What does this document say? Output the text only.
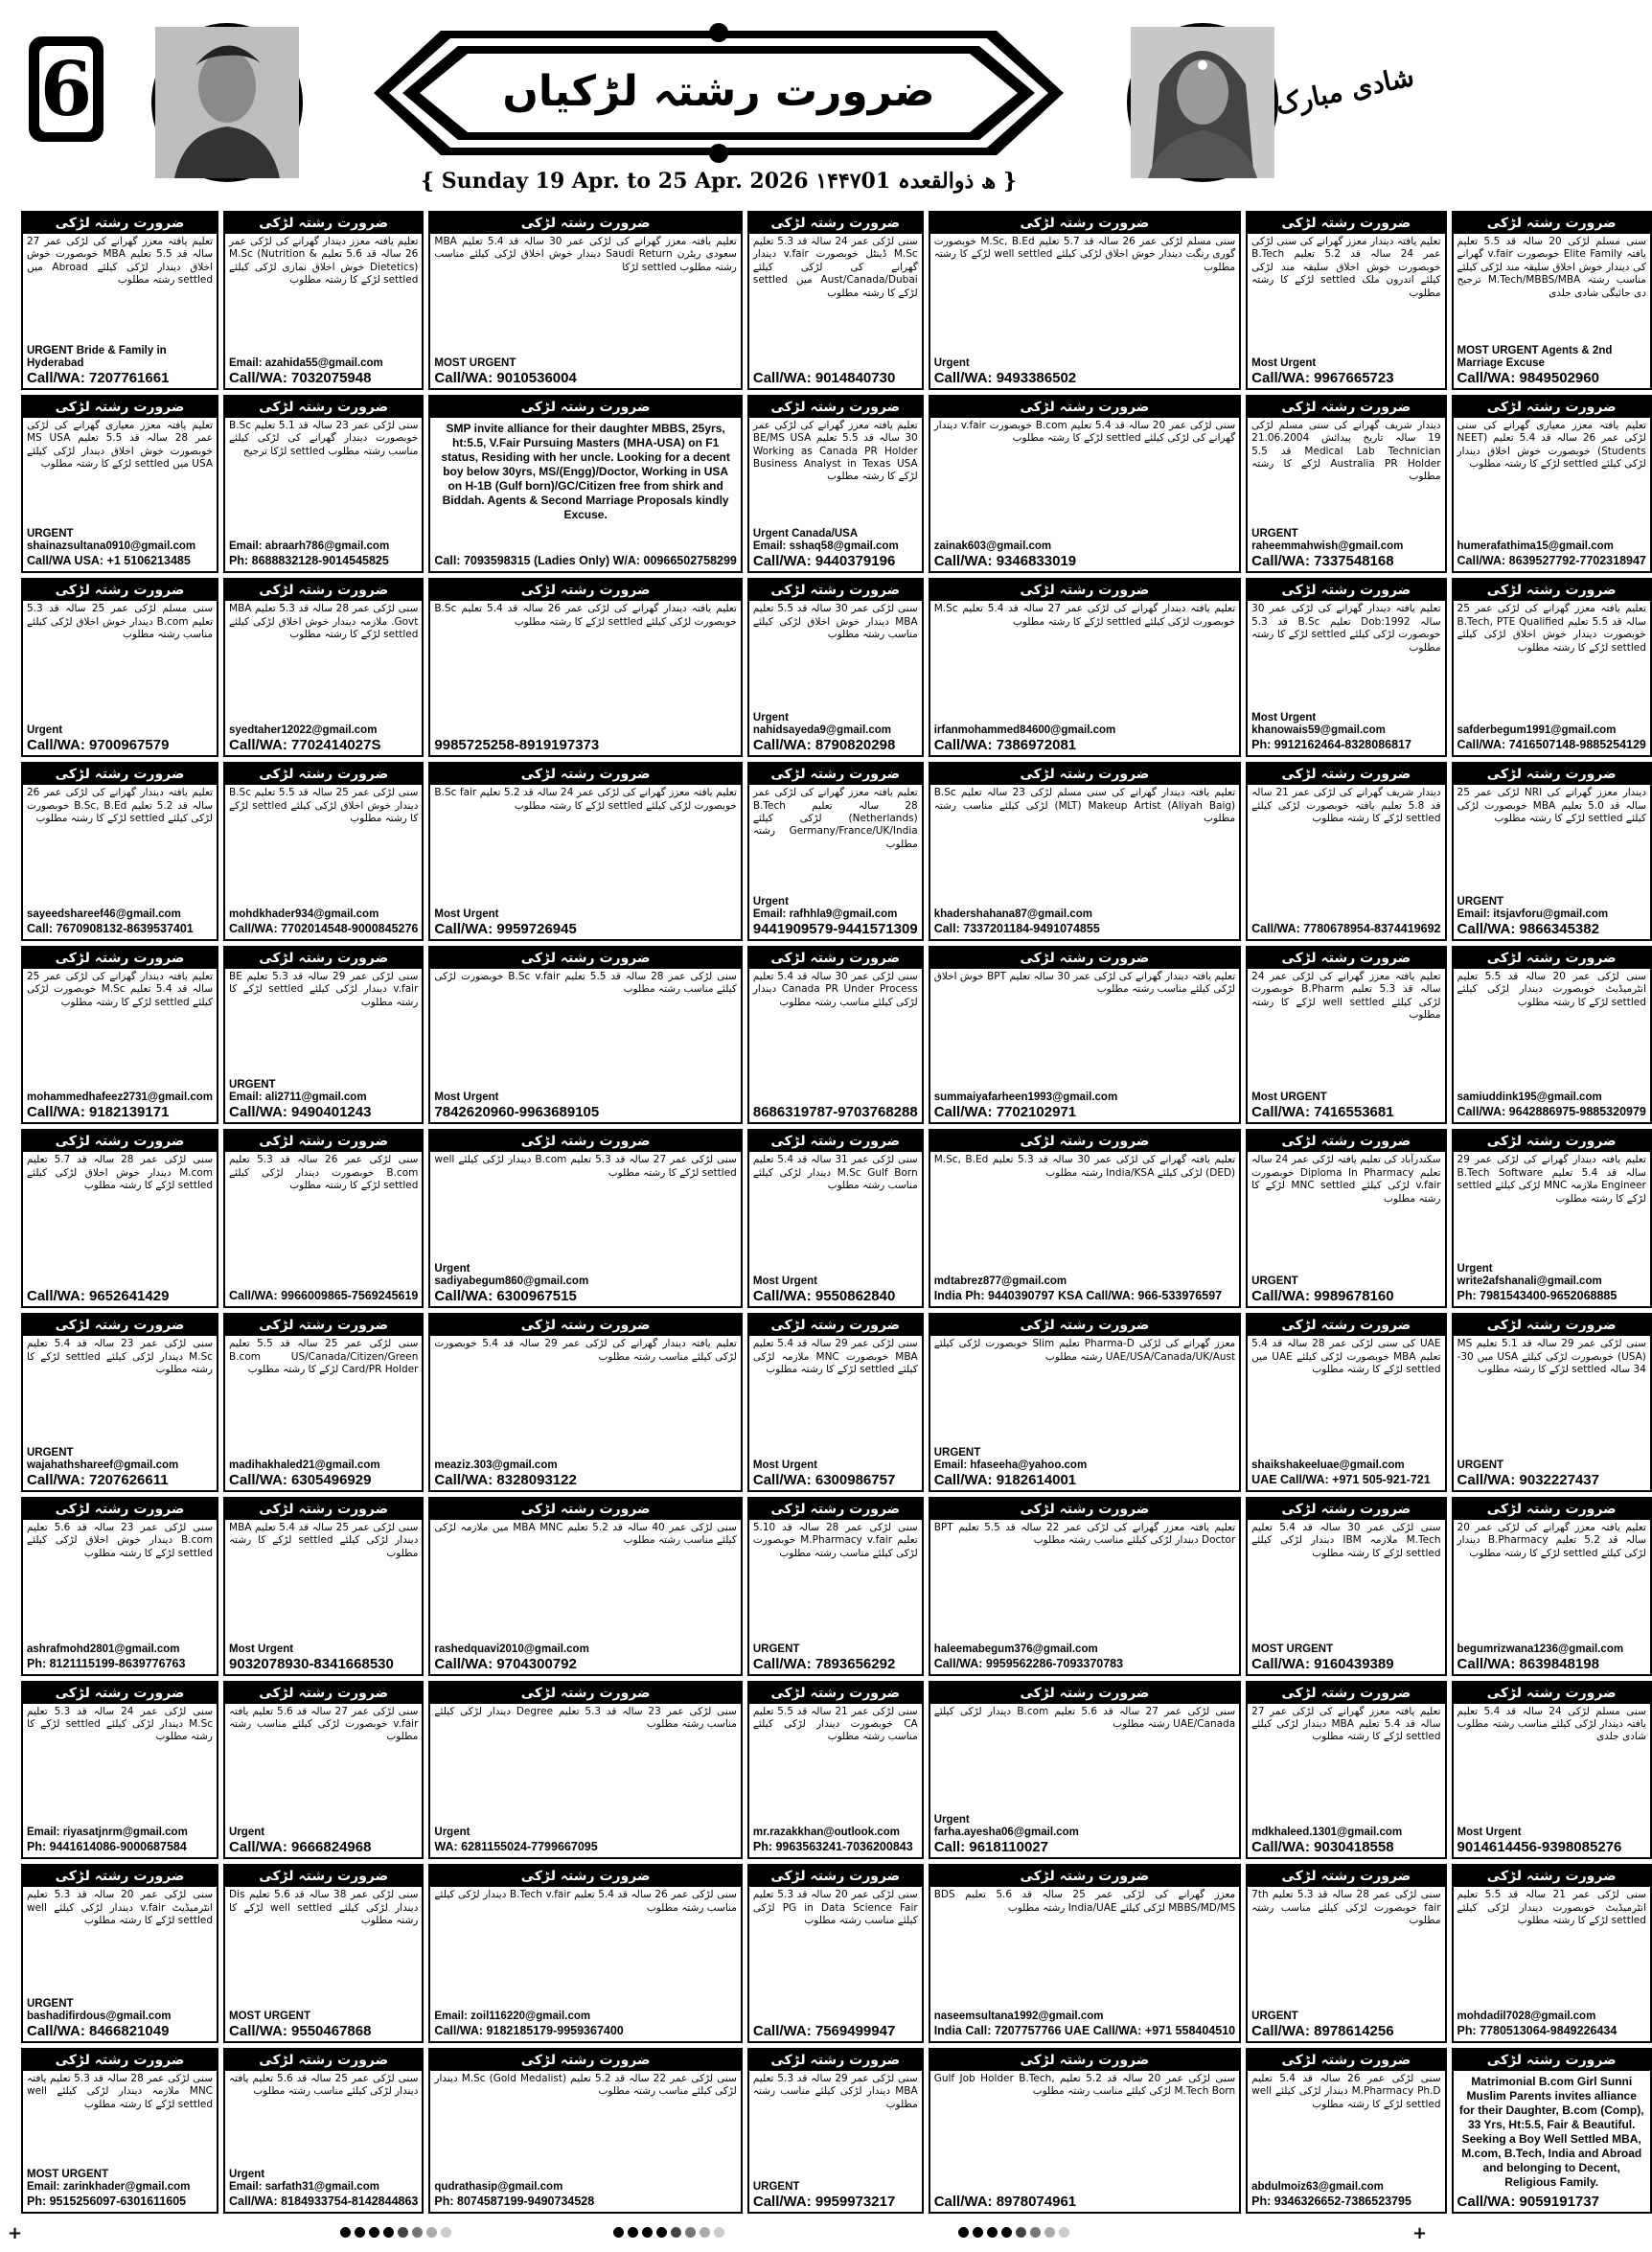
6	ضرورت رشتہ لڑکیاں	شادی مبارک
{ Sunday 19 Apr. to 25 Apr. 2026 ۱۴۴۷ھ ذوالقعدہ 01 }
ضرورت رشتہ لڑکی
سنی مسلم لڑکی 20 سالہ قد 5.5 تعلیم یافتہ Elite Family خوبصورت v.fair گھرانے کی دیندار خوش اخلاق سلیقہ مند لڑکی کیلئے مناسب رشتہ M.Tech/MBBS/MBA ترجیح دی جائیگی شادی جلدی
MOST URGENT Agents & 2nd Marriage Excuse
Call/WA: 9849502960
ضرورت رشتہ لڑکی
تعلیم یافتہ دیندار معزز گھرانے کی سنی لڑکی عمر 24 سالہ قد 5.2 تعلیم B.Tech خوبصورت خوش اخلاق سلیقہ مند لڑکی کیلئے اندرون ملک settled لڑکے کا رشتہ مطلوب
Most Urgent
Call/WA: 9967665723
ضرورت رشتہ لڑکی
سنی مسلم لڑکی عمر 26 سالہ قد 5.7 تعلیم M.Sc, B.Ed خوبصورت گوری رنگت دیندار خوش اخلاق لڑکی کیلئے well settled لڑکے کا رشتہ مطلوب
Urgent
Call/WA: 9493386502
ضرورت رشتہ لڑکی
سنی لڑکی عمر 24 سالہ قد 5.3 تعلیم M.Sc ڈینٹل خوبصورت v.fair دیندار گھرانے کی لڑکی کیلئے Aust/Canada/Dubai میں settled لڑکے کا رشتہ مطلوب
Call/WA: 9014840730
ضرورت رشتہ لڑکی
تعلیم یافتہ معزز گھرانے کی لڑکی عمر 30 سالہ قد 5.4 تعلیم MBA سعودی ریٹرن Saudi Return دیندار خوش اخلاق لڑکی کیلئے مناسب رشتہ مطلوب settled لڑکا
MOST URGENT
Call/WA: 9010536004
ضرورت رشتہ لڑکی
تعلیم یافتہ معزز دیندار گھرانے کی لڑکی عمر 26 سالہ قد 5.6 تعلیم M.Sc (Nutrition & Dietetics) خوش اخلاق نمازی لڑکی کیلئے settled لڑکے کا رشتہ مطلوب
Email: azahida55@gmail.com
Call/WA: 7032075948
ضرورت رشتہ لڑکی
تعلیم یافتہ معزز گھرانے کی لڑکی عمر 27 سالہ قد 5.5 تعلیم MBA خوبصورت خوش اخلاق دیندار لڑکی کیلئے Abroad میں settled رشتہ مطلوب
URGENT Bride & Family in Hyderabad
Call/WA: 7207761661
ضرورت رشتہ لڑکی
تعلیم یافتہ معزز معیاری گھرانے کی سنی لڑکی عمر 26 سالہ قد 5.4 تعلیم (NEET Students) خوبصورت خوش اخلاق دیندار لڑکی کیلئے settled لڑکے کا رشتہ مطلوب
humerafathima15@gmail.com
Call/WA: 8639527792-7702318947
ضرورت رشتہ لڑکی
دیندار شریف گھرانے کی سنی مسلم لڑکی 19 سالہ تاریخ پیدائش 21.06.2004 Medical Lab Technician قد 5.5 Australia PR Holder لڑکے کا رشتہ مطلوب
URGENT
raheemmahwish@gmail.com
Call/WA: 7337548168
ضرورت رشتہ لڑکی
سنی لڑکی عمر 20 سالہ قد 5.4 تعلیم B.com خوبصورت v.fair دیندار گھرانے کی لڑکی کیلئے settled لڑکے کا رشتہ مطلوب
zainak603@gmail.com
Call/WA: 9346833019
ضرورت رشتہ لڑکی
تعلیم یافتہ معزز گھرانے کی لڑکی عمر 30 سالہ قد 5.5 تعلیم BE/MS USA Working as Canada PR Holder Business Analyst in Texas USA لڑکے کا رشتہ مطلوب
Urgent Canada/USA
Email: sshaq58@gmail.com
Call/WA: 9440379196
ضرورت رشتہ لڑکی
SMP invite alliance for their daughter MBBS, 25yrs, ht:5.5, V.Fair Pursuing Masters (MHA-USA) on F1 status, Residing with her uncle. Looking for a decent boy below 30yrs, MS/(Engg)/Doctor, Working in USA on H-1B (Gulf born)/GC/Citizen free from shirk and Biddah. Agents & Second Marriage Proposals kindly Excuse.
Call: 7093598315 (Ladies Only) W/A: 00966502758299
ضرورت رشتہ لڑکی
سنی لڑکی عمر 23 سالہ قد 5.1 تعلیم B.Sc خوبصورت دیندار گھرانے کی لڑکی کیلئے مناسب رشتہ مطلوب settled لڑکا ترجیح
Email: abraarh786@gmail.com
Ph: 8688832128-9014545825
ضرورت رشتہ لڑکی
تعلیم یافتہ معزز معیاری گھرانے کی لڑکی عمر 28 سالہ قد 5.5 تعلیم MS USA خوبصورت خوش اخلاق دیندار لڑکی کیلئے USA میں settled لڑکے کا رشتہ مطلوب
URGENT
shainazsultana0910@gmail.com
Call/WA USA: +1 5106213485
ضرورت رشتہ لڑکی
تعلیم یافتہ معزز گھرانے کی لڑکی عمر 25 سالہ قد 5.5 تعلیم B.Tech, PTE Qualified خوبصورت دیندار خوش اخلاق لڑکی کیلئے settled لڑکے کا رشتہ مطلوب
safderbegum1991@gmail.com
Call/WA: 7416507148-9885254129
ضرورت رشتہ لڑکی
تعلیم یافتہ دیندار گھرانے کی لڑکی عمر 30 سالہ Dob:1992 تعلیم B.Sc قد 5.3 خوبصورت لڑکی کیلئے settled لڑکے کا رشتہ مطلوب
Most Urgent
khanowais59@gmail.com
Ph: 9912162464-8328086817
ضرورت رشتہ لڑکی
تعلیم یافتہ دیندار گھرانے کی لڑکی عمر 27 سالہ قد 5.4 تعلیم M.Sc خوبصورت لڑکی کیلئے settled لڑکے کا رشتہ مطلوب
irfanmohammed84600@gmail.com
Call/WA: 7386972081
ضرورت رشتہ لڑکی
سنی لڑکی عمر 30 سالہ قد 5.5 تعلیم MBA دیندار خوش اخلاق لڑکی کیلئے مناسب رشتہ مطلوب
Urgent
nahidsayeda9@gmail.com
Call/WA: 8790820298
ضرورت رشتہ لڑکی
تعلیم یافتہ دیندار گھرانے کی لڑکی عمر 26 سالہ قد 5.4 تعلیم B.Sc خوبصورت لڑکی کیلئے settled لڑکے کا رشتہ مطلوب
9985725258-8919197373
ضرورت رشتہ لڑکی
سنی لڑکی عمر 28 سالہ قد 5.3 تعلیم MBA Govt. ملازمہ دیندار خوش اخلاق لڑکی کیلئے settled لڑکے کا رشتہ مطلوب
syedtaher12022@gmail.com
Call/WA: 7702414027S
ضرورت رشتہ لڑکی
سنی مسلم لڑکی عمر 25 سالہ قد 5.3 تعلیم B.com دیندار خوش اخلاق لڑکی کیلئے مناسب رشتہ مطلوب
Urgent
Call/WA: 9700967579
ضرورت رشتہ لڑکی
دیندار معزز گھرانے کی NRI لڑکی عمر 25 سالہ قد 5.0 تعلیم MBA خوبصورت لڑکی کیلئے settled لڑکے کا رشتہ مطلوب
URGENT
Email: itsjavforu@gmail.com
Call/WA: 9866345382
ضرورت رشتہ لڑکی
دیندار شریف گھرانے کی لڑکی عمر 21 سالہ قد 5.8 تعلیم یافتہ خوبصورت لڑکی کیلئے settled لڑکے کا رشتہ مطلوب
Call/WA: 7780678954-8374419692
ضرورت رشتہ لڑکی
تعلیم یافتہ دیندار گھرانے کی سنی مسلم لڑکی 23 سالہ تعلیم B.Sc (MLT) Makeup Artist (Aliyah Baig) لڑکی کیلئے مناسب رشتہ مطلوب
khadershahana87@gmail.com
Call: 7337201184-9491074855
ضرورت رشتہ لڑکی
تعلیم یافتہ معزز گھرانے کی لڑکی عمر 28 سالہ تعلیم B.Tech (Netherlands) لڑکی کیلئے Germany/France/UK/India رشتہ مطلوب
Urgent
Email: rafhhla9@gmail.com
9441909579-9441571309
ضرورت رشتہ لڑکی
تعلیم یافتہ معزز گھرانے کی لڑکی عمر 24 سالہ قد 5.2 تعلیم B.Sc fair خوبصورت لڑکی کیلئے settled لڑکے کا رشتہ مطلوب
Most Urgent
Call/WA: 9959726945
ضرورت رشتہ لڑکی
سنی لڑکی عمر 25 سالہ قد 5.5 تعلیم B.Sc دیندار خوش اخلاق لڑکی کیلئے settled لڑکے کا رشتہ مطلوب
mohdkhader934@gmail.com
Call/WA: 7702014548-9000845276
ضرورت رشتہ لڑکی
تعلیم یافتہ دیندار گھرانے کی لڑکی عمر 26 سالہ قد 5.2 تعلیم B.Sc, B.Ed خوبصورت لڑکی کیلئے settled لڑکے کا رشتہ مطلوب
sayeedshareef46@gmail.com
Call: 7670908132-8639537401
ضرورت رشتہ لڑکی
سنی لڑکی عمر 20 سالہ قد 5.5 تعلیم انٹرمیڈیٹ خوبصورت دیندار لڑکی کیلئے settled لڑکے کا رشتہ مطلوب
samiuddink195@gmail.com
Call/WA: 9642886975-9885320979
ضرورت رشتہ لڑکی
تعلیم یافتہ معزز گھرانے کی لڑکی عمر 24 سالہ قد 5.3 تعلیم B.Pharm خوبصورت لڑکی کیلئے well settled لڑکے کا رشتہ مطلوب
Most URGENT
Call/WA: 7416553681
ضرورت رشتہ لڑکی
تعلیم یافتہ دیندار گھرانے کی لڑکی عمر 30 سالہ تعلیم BPT خوش اخلاق لڑکی کیلئے مناسب رشتہ مطلوب
summaiyafarheen1993@gmail.com
Call/WA: 7702102971
ضرورت رشتہ لڑکی
سنی لڑکی عمر 30 سالہ قد 5.4 تعلیم Canada PR Under Process دیندار لڑکی کیلئے مناسب رشتہ مطلوب
8686319787-9703768288
ضرورت رشتہ لڑکی
سنی لڑکی عمر 28 سالہ قد 5.5 تعلیم B.Sc v.fair خوبصورت لڑکی کیلئے مناسب رشتہ مطلوب
Most Urgent
7842620960-9963689105
ضرورت رشتہ لڑکی
سنی لڑکی عمر 29 سالہ قد 5.3 تعلیم BE v.fair دیندار لڑکی کیلئے settled لڑکے کا رشتہ مطلوب
URGENT
Email: ali2711@gmail.com
Call/WA: 9490401243
ضرورت رشتہ لڑکی
تعلیم یافتہ دیندار گھرانے کی لڑکی عمر 25 سالہ قد 5.4 تعلیم M.Sc خوبصورت لڑکی کیلئے settled لڑکے کا رشتہ مطلوب
mohammedhafeez2731@gmail.com
Call/WA: 9182139171
ضرورت رشتہ لڑکی
تعلیم یافتہ دیندار گھرانے کی لڑکی عمر 29 سالہ قد 5.4 تعلیم B.Tech Software Engineer ملازمہ MNC لڑکی کیلئے settled لڑکے کا رشتہ مطلوب
Urgent
write2afshanali@gmail.com
Ph: 7981543400-9652068885
ضرورت رشتہ لڑکی
سکندرآباد کی تعلیم یافتہ لڑکی عمر 24 سالہ تعلیم Diploma In Pharmacy خوبصورت v.fair لڑکی کیلئے MNC settled لڑکے کا رشتہ مطلوب
URGENT
Call/WA: 9989678160
ضرورت رشتہ لڑکی
تعلیم یافتہ گھرانے کی لڑکی عمر 30 سالہ قد 5.3 تعلیم M.Sc, B.Ed (DED) لڑکی کیلئے India/KSA رشتہ مطلوب
mdtabrez877@gmail.com
India Ph: 9440390797 KSA Call/WA: 966-533976597
ضرورت رشتہ لڑکی
سنی لڑکی عمر 31 سالہ قد 5.4 تعلیم M.Sc Gulf Born دیندار لڑکی کیلئے مناسب رشتہ مطلوب
Most Urgent
Call/WA: 9550862840
ضرورت رشتہ لڑکی
سنی لڑکی عمر 27 سالہ قد 5.3 تعلیم B.com دیندار لڑکی کیلئے well settled لڑکے کا رشتہ مطلوب
Urgent
sadiyabegum860@gmail.com
Call/WA: 6300967515
ضرورت رشتہ لڑکی
سنی لڑکی عمر 26 سالہ قد 5.3 تعلیم B.com خوبصورت دیندار لڑکی کیلئے settled لڑکے کا رشتہ مطلوب
Call/WA: 9966009865-7569245619
ضرورت رشتہ لڑکی
سنی لڑکی عمر 28 سالہ قد 5.7 تعلیم M.com دیندار خوش اخلاق لڑکی کیلئے settled لڑکے کا رشتہ مطلوب
Call/WA: 9652641429
ضرورت رشتہ لڑکی
سنی لڑکی عمر 29 سالہ قد 5.1 تعلیم MS (USA) خوبصورت لڑکی کیلئے USA میں 30-34 سالہ settled لڑکے کا رشتہ مطلوب
URGENT
Call/WA: 9032227437
ضرورت رشتہ لڑکی
UAE کی سنی لڑکی عمر 28 سالہ قد 5.4 تعلیم MBA خوبصورت لڑکی کیلئے UAE میں settled لڑکے کا رشتہ مطلوب
shaikshakeeluae@gmail.com
UAE Call/WA: +971 505-921-721
ضرورت رشتہ لڑکی
معزز گھرانے کی لڑکی Pharma-D تعلیم Slim خوبصورت لڑکی کیلئے UAE/USA/Canada/UK/Aust رشتہ مطلوب
URGENT
Email: hfaseeha@yahoo.com
Call/WA: 9182614001
ضرورت رشتہ لڑکی
سنی لڑکی عمر 29 سالہ قد 5.4 تعلیم MBA خوبصورت MNC ملازمہ لڑکی کیلئے settled لڑکے کا رشتہ مطلوب
Most Urgent
Call/WA: 6300986757
ضرورت رشتہ لڑکی
تعلیم یافتہ دیندار گھرانے کی لڑکی عمر 29 سالہ قد 5.4 خوبصورت لڑکی کیلئے مناسب رشتہ مطلوب
meaziz.303@gmail.com
Call/WA: 8328093122
ضرورت رشتہ لڑکی
سنی لڑکی عمر 25 سالہ قد 5.5 تعلیم B.com US/Canada/Citizen/Green Card/PR Holder لڑکے کا رشتہ مطلوب
madihakhaled21@gmail.com
Call/WA: 6305496929
ضرورت رشتہ لڑکی
سنی لڑکی عمر 23 سالہ قد 5.4 تعلیم M.Sc دیندار لڑکی کیلئے settled لڑکے کا رشتہ مطلوب
URGENT
wajahathshareef@gmail.com
Call/WA: 7207626611
ضرورت رشتہ لڑکی
تعلیم یافتہ معزز گھرانے کی لڑکی عمر 20 سالہ قد 5.2 تعلیم B.Pharmacy دیندار لڑکی کیلئے settled لڑکے کا رشتہ مطلوب
begumrizwana1236@gmail.com
Call/WA: 8639848198
ضرورت رشتہ لڑکی
سنی لڑکی عمر 30 سالہ قد 5.4 تعلیم M.Tech ملازمہ IBM دیندار لڑکی کیلئے settled لڑکے کا رشتہ مطلوب
MOST URGENT
Call/WA: 9160439389
ضرورت رشتہ لڑکی
تعلیم یافتہ معزز گھرانے کی لڑکی عمر 22 سالہ قد 5.5 تعلیم BPT Doctor دیندار لڑکی کیلئے مناسب رشتہ مطلوب
haleemabegum376@gmail.com
Call/WA: 9959562286-7093370783
ضرورت رشتہ لڑکی
سنی لڑکی عمر 28 سالہ قد 5.10 تعلیم M.Pharmacy v.fair خوبصورت لڑکی کیلئے مناسب رشتہ مطلوب
URGENT
Call/WA: 7893656292
ضرورت رشتہ لڑکی
سنی لڑکی عمر 40 سالہ قد 5.2 تعلیم MBA MNC میں ملازمہ لڑکی کیلئے مناسب رشتہ مطلوب
rashedquavi2010@gmail.com
Call/WA: 9704300792
ضرورت رشتہ لڑکی
سنی لڑکی عمر 25 سالہ قد 5.4 تعلیم MBA دیندار لڑکی کیلئے settled لڑکے کا رشتہ مطلوب
Most Urgent
9032078930-8341668530
ضرورت رشتہ لڑکی
سنی لڑکی عمر 23 سالہ قد 5.6 تعلیم B.com دیندار خوش اخلاق لڑکی کیلئے settled لڑکے کا رشتہ مطلوب
ashrafmohd2801@gmail.com
Ph: 8121115199-8639776763
ضرورت رشتہ لڑکی
سنی مسلم لڑکی 24 سالہ قد 5.4 تعلیم یافتہ دیندار لڑکی کیلئے مناسب رشتہ مطلوب شادی جلدی
Most Urgent
9014614456-9398085276
ضرورت رشتہ لڑکی
تعلیم یافتہ معزز گھرانے کی لڑکی عمر 27 سالہ قد 5.4 تعلیم MBA دیندار لڑکی کیلئے settled لڑکے کا رشتہ مطلوب
mdkhaleed.1301@gmail.com
Call/WA: 9030418558
ضرورت رشتہ لڑکی
سنی لڑکی عمر 27 سالہ قد 5.6 تعلیم B.com دیندار لڑکی کیلئے UAE/Canada رشتہ مطلوب
Urgent
farha.ayesha06@gmail.com
Call: 9618110027
ضرورت رشتہ لڑکی
سنی لڑکی عمر 21 سالہ قد 5.5 تعلیم CA خوبصورت دیندار لڑکی کیلئے مناسب رشتہ مطلوب
mr.razakkhan@outlook.com
Ph: 9963563241-7036200843
ضرورت رشتہ لڑکی
سنی لڑکی عمر 23 سالہ قد 5.3 تعلیم Degree دیندار لڑکی کیلئے مناسب رشتہ مطلوب
Urgent
WA: 6281155024-7799667095
ضرورت رشتہ لڑکی
سنی لڑکی عمر 27 سالہ قد 5.6 تعلیم یافتہ v.fair خوبصورت لڑکی کیلئے مناسب رشتہ مطلوب
Urgent
Call/WA: 9666824968
ضرورت رشتہ لڑکی
سنی لڑکی عمر 24 سالہ قد 5.3 تعلیم M.Sc دیندار لڑکی کیلئے settled لڑکے کا رشتہ مطلوب
Email: riyasatjnrm@gmail.com
Ph: 9441614086-9000687584
ضرورت رشتہ لڑکی
سنی لڑکی عمر 21 سالہ قد 5.5 تعلیم انٹرمیڈیٹ خوبصورت دیندار لڑکی کیلئے settled لڑکے کا رشتہ مطلوب
mohdadil7028@gmail.com
Ph: 7780513064-9849226434
ضرورت رشتہ لڑکی
سنی لڑکی عمر 28 سالہ قد 5.3 تعلیم 7th fair خوبصورت لڑکی کیلئے مناسب رشتہ مطلوب
URGENT
Call/WA: 8978614256
ضرورت رشتہ لڑکی
معزز گھرانے کی لڑکی عمر 25 سالہ قد 5.6 تعلیم BDS MBBS/MD/MS لڑکی کیلئے India/UAE رشتہ مطلوب
naseemsultana1992@gmail.com
India Call: 7207757766 UAE Call/WA: +971 558404510
ضرورت رشتہ لڑکی
سنی لڑکی عمر 20 سالہ قد 5.3 تعلیم PG in Data Science Fair لڑکی کیلئے مناسب رشتہ مطلوب
Call/WA: 7569499947
ضرورت رشتہ لڑکی
سنی لڑکی عمر 26 سالہ قد 5.4 تعلیم B.Tech v.fair دیندار لڑکی کیلئے مناسب رشتہ مطلوب
Email: zoil116220@gmail.com
Call/WA: 9182185179-9959367400
ضرورت رشتہ لڑکی
سنی لڑکی عمر 38 سالہ قد 5.6 تعلیم Dis دیندار لڑکی کیلئے well settled لڑکے کا رشتہ مطلوب
MOST URGENT
Call/WA: 9550467868
ضرورت رشتہ لڑکی
سنی لڑکی عمر 20 سالہ قد 5.3 تعلیم انٹرمیڈیٹ v.fair دیندار لڑکی کیلئے well settled لڑکے کا رشتہ مطلوب
URGENT
bashadifirdous@gmail.com
Call/WA: 8466821049
ضرورت رشتہ لڑکی
Matrimonial B.com Girl Sunni Muslim Parents invites alliance for their Daughter, B.com (Comp), 33 Yrs, Ht:5.5, Fair & Beautiful. Seeking a Boy Well Settled MBA, M.com, B.Tech, India and Abroad and belonging to Decent, Religious Family.
Call/WA: 9059191737
ضرورت رشتہ لڑکی
سنی لڑکی عمر 26 سالہ قد 5.4 تعلیم M.Pharmacy Ph.D دیندار لڑکی کیلئے well settled لڑکے کا رشتہ مطلوب
abdulmoiz63@gmail.com
Ph: 9346326652-7386523795
ضرورت رشتہ لڑکی
سنی لڑکی عمر 20 سالہ قد 5.2 تعلیم Gulf Job Holder B.Tech, M.Tech Born لڑکی کیلئے مناسب رشتہ مطلوب
Call/WA: 8978074961
ضرورت رشتہ لڑکی
سنی لڑکی عمر 29 سالہ قد 5.3 تعلیم MBA دیندار لڑکی کیلئے مناسب رشتہ مطلوب
URGENT
Call/WA: 9959973217
ضرورت رشتہ لڑکی
سنی لڑکی عمر 22 سالہ قد 5.2 تعلیم M.Sc (Gold Medalist) دیندار لڑکی کیلئے مناسب رشتہ مطلوب
qudrathasip@gmail.com
Ph: 8074587199-9490734528
ضرورت رشتہ لڑکی
سنی لڑکی عمر 25 سالہ قد 5.6 تعلیم یافتہ دیندار لڑکی کیلئے مناسب رشتہ مطلوب
Urgent
Email: sarfath31@gmail.com
Call/WA: 8184933754-8142844863
ضرورت رشتہ لڑکی
سنی لڑکی عمر 28 سالہ قد 5.3 تعلیم یافتہ MNC ملازمہ دیندار لڑکی کیلئے well settled لڑکے کا رشتہ مطلوب
MOST URGENT
Email: zarinkhader@gmail.com
Ph: 9515256097-6301611605
+	+
